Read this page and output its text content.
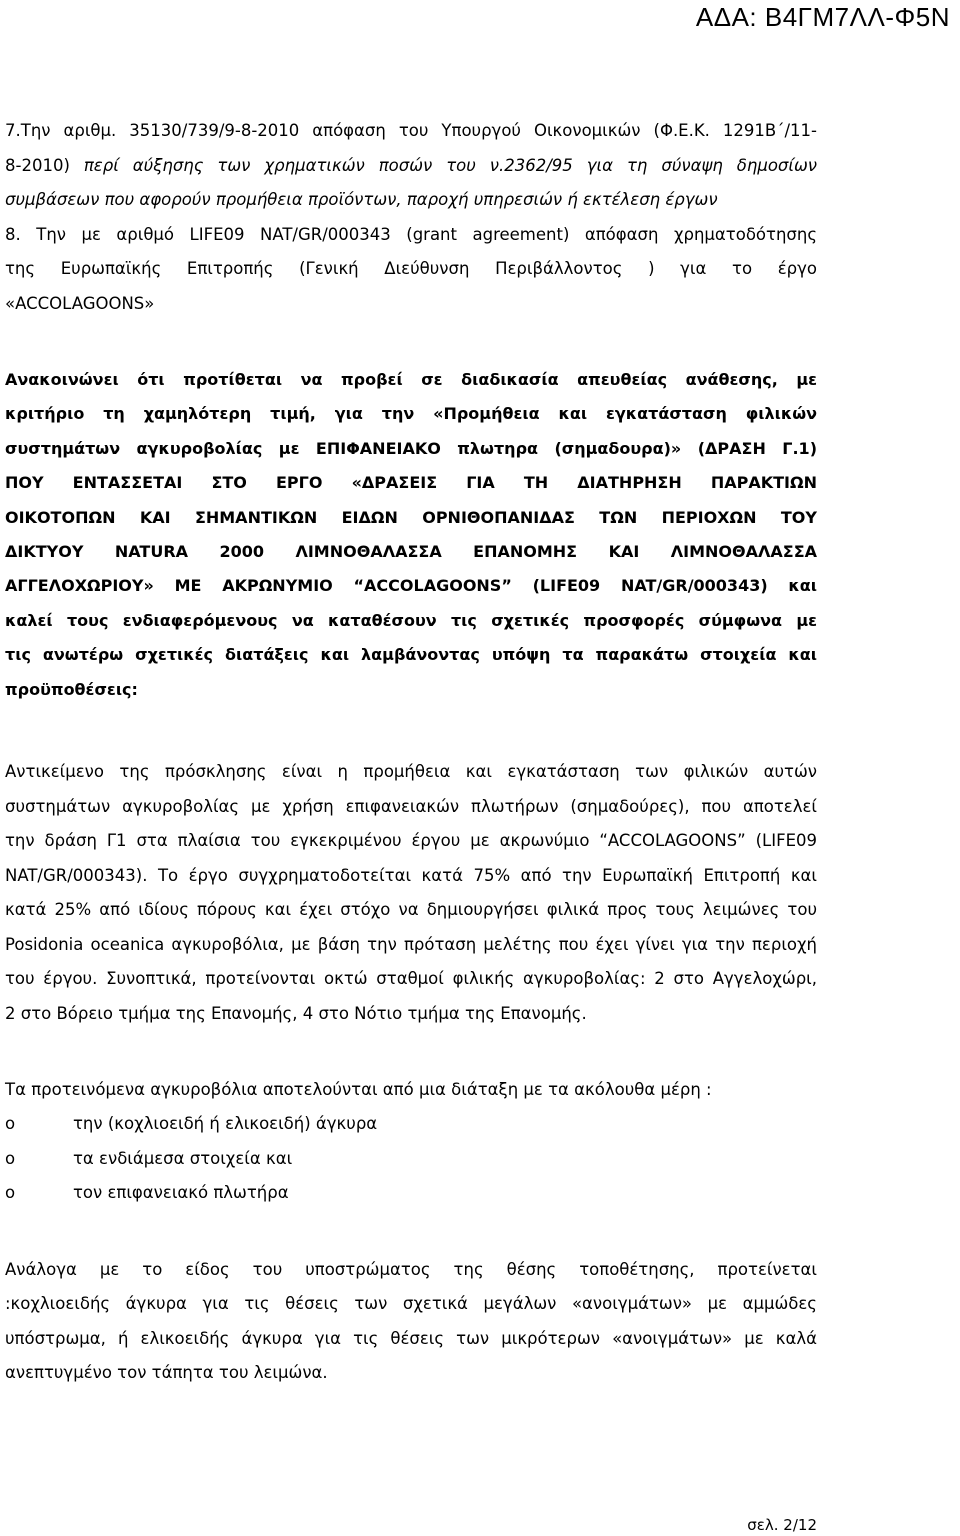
ΑΔΑ: Β4ΓΜ7ΛΛ-Φ5Ν
7.Την αριθμ. 35130/739/9-8-2010 απόφαση του Υπουργού Οικονομικών (Φ.Ε.Κ. 1291Β΄/11-
8-2010) περί αύξησης των χρηματικών ποσών του ν.2362/95 για τη σύναψη δημοσίων
συμβάσεων που αφορούν προμήθεια προϊόντων, παροχή υπηρεσιών ή εκτέλεση έργων
8. Την με αριθμό LIFE09 NAT/GR/000343 (grant agreement) απόφαση χρηματοδότησης
της Ευρωπαϊκής Επιτροπής (Γενική Διεύθυνση Περιβάλλοντος ) για το έργο
«ACCOLAGOONS»
Ανακοινώνει ότι προτίθεται να προβεί σε διαδικασία απευθείας ανάθεσης, με
κριτήριο τη χαμηλότερη τιμή, για την «Προμήθεια και εγκατάσταση φιλικών
συστημάτων αγκυροβολίας με ΕΠΙΦΑΝΕΙΑΚΟ πλωτηρα (σημαδουρα)» (ΔΡΑΣΗ Γ.1)
ΠΟΥ ΕΝΤΑΣΣΕΤΑΙ ΣΤΟ ΕΡΓΟ «ΔΡΑΣΕΙΣ ΓΙΑ ΤΗ ΔΙΑΤΗΡΗΣΗ ΠΑΡΑΚΤΙΩΝ
ΟΙΚΟΤΟΠΩΝ ΚΑΙ ΣΗΜΑΝΤΙΚΩΝ ΕΙΔΩΝ ΟΡΝΙΘΟΠΑΝΙΔΑΣ ΤΩΝ ΠΕΡΙΟΧΩΝ ΤΟΥ
ΔΙΚΤΥΟΥ NATURA 2000 ΛΙΜΝΟΘΑΛΑΣΣΑ ΕΠΑΝΟΜΗΣ ΚΑΙ ΛΙΜΝΟΘΑΛΑΣΣΑ
ΑΓΓΕΛΟΧΩΡΙΟΥ» ΜΕ ΑΚΡΩΝΥΜΙΟ “ACCOLAGOONS” (LIFE09 NAT/GR/000343) και
καλεί τους ενδιαφερόμενους να καταθέσουν τις σχετικές προσφορές σύμφωνα με
τις ανωτέρω σχετικές διατάξεις και λαμβάνοντας υπόψη τα παρακάτω στοιχεία και
προϋποθέσεις:
Αντικείμενο της πρόσκλησης είναι η προμήθεια και εγκατάσταση των φιλικών αυτών
συστημάτων αγκυροβολίας με χρήση επιφανειακών πλωτήρων (σημαδούρες), που αποτελεί
την δράση Γ1 στα πλαίσια του εγκεκριμένου έργου με ακρωνύμιο “ACCOLAGOONS” (LIFE09
NAT/GR/000343). Το έργο συγχρηματοδοτείται κατά 75% από την Ευρωπαϊκή Επιτροπή και
κατά 25% από ιδίους πόρους και έχει στόχο να δημιουργήσει φιλικά προς τους λειμώνες του
Posidonia oceanica αγκυροβόλια, με βάση την πρόταση μελέτης που έχει γίνει για την περιοχή
του έργου. Συνοπτικά, προτείνονται οκτώ σταθμοί φιλικής αγκυροβολίας: 2 στο Αγγελοχώρι,
2 στο Βόρειο τμήμα της Επανομής, 4 στο Νότιο τμήμα της Επανομής.
Τα προτεινόμενα αγκυροβόλια αποτελούνται από μια διάταξη με τα ακόλουθα μέρη :
o	την (κοχλιοειδή ή ελικοειδή) άγκυρα
o	τα ενδιάμεσα στοιχεία και
o	τον επιφανειακό πλωτήρα
Ανάλογα με το είδος του υποστρώματος της θέσης τοποθέτησης, προτείνεται
:κοχλιοειδής άγκυρα για τις θέσεις των σχετικά μεγάλων «ανοιγμάτων» με αμμώδες
υπόστρωμα, ή ελικοειδής άγκυρα για τις θέσεις των μικρότερων «ανοιγμάτων» με καλά
ανεπτυγμένο τον τάπητα του λειμώνα.
σελ. 2/12
